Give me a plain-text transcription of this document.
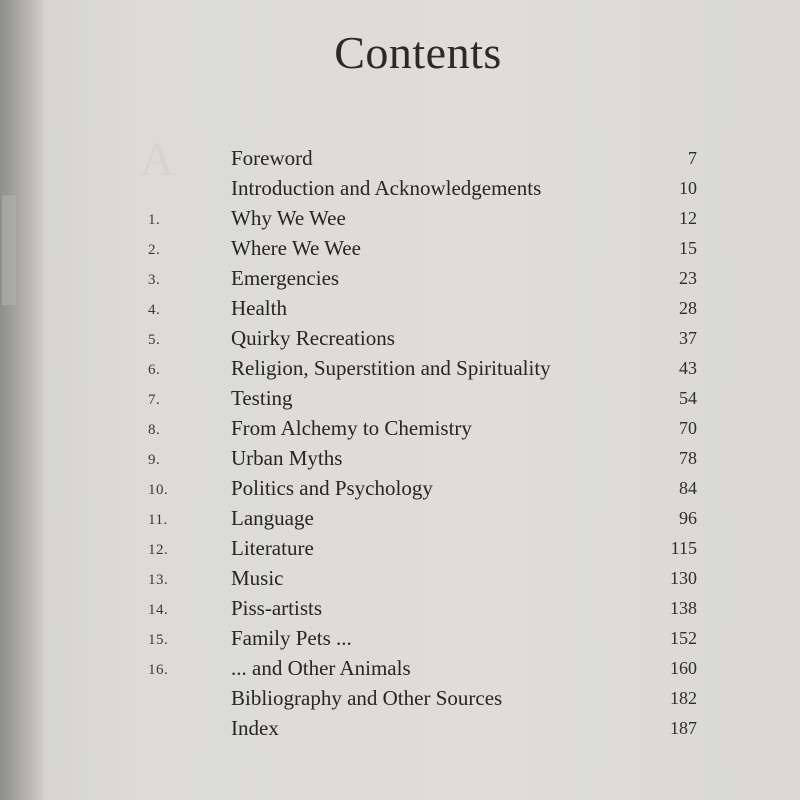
A
Contents
Foreword	7
Introduction and Acknowledgements	10
1.	Why We Wee	12
2.	Where We Wee	15
3.	Emergencies	23
4.	Health	28
5.	Quirky Recreations	37
6.	Religion, Superstition and Spirituality	43
7.	Testing	54
8.	From Alchemy to Chemistry	70
9.	Urban Myths	78
10.	Politics and Psychology	84
11.	Language	96
12.	Literature	115
13.	Music	130
14.	Piss-artists	138
15.	Family Pets ...	152
16.	... and Other Animals	160
Bibliography and Other Sources	182
Index	187
